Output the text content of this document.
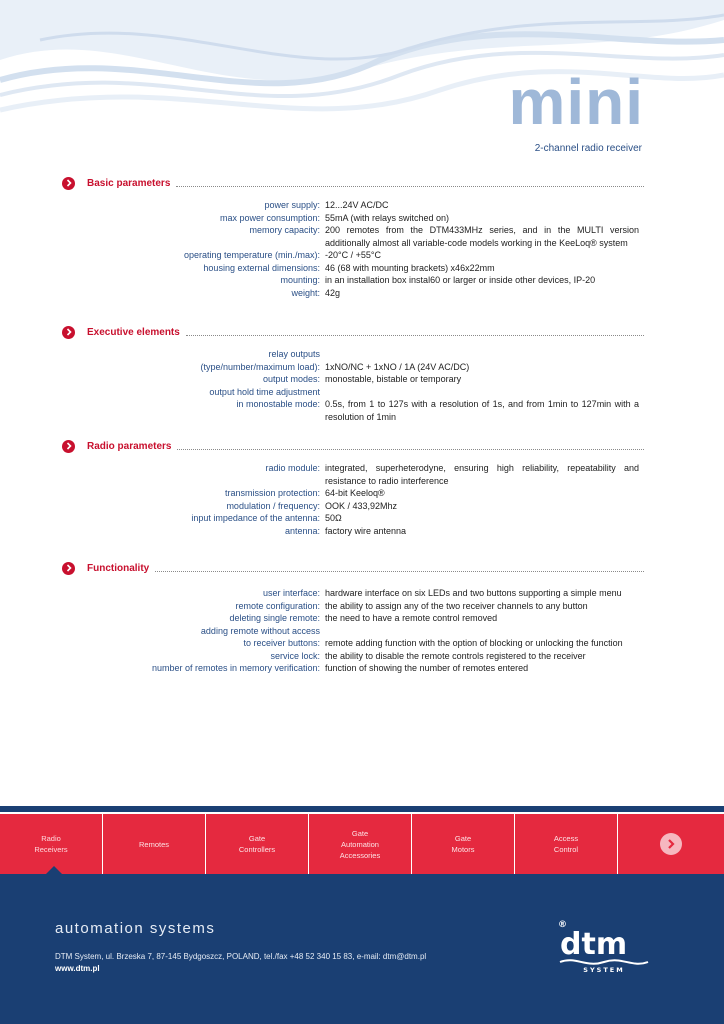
mini
2-channel radio receiver
Basic parameters
power supply: 12...24V AC/DC
max power consumption: 55mA (with relays switched on)
memory capacity: 200 remotes from the DTM433MHz series, and in the MULTI version additionally almost all variable-code models working in the KeeLoq® system
operating temperature (min./max): -20°C / +55°C
housing external dimensions: 46 (68 with mounting brackets) x46x22mm
mounting: in an installation box instal60 or larger or inside other devices, IP-20
weight: 42g
Executive elements
relay outputs
(type/number/maximum load): 1xNO/NC + 1xNO / 1A (24V AC/DC)
output modes: monostable, bistable or temporary
output hold time adjustment
in monostable mode: 0.5s, from 1 to 127s with a resolution of 1s, and from 1min to 127min with a resolution of 1min
Radio parameters
radio module: integrated, superheterodyne, ensuring high reliability, repeatability and resistance to radio interference
transmission protection: 64-bit Keeloq®
modulation / frequency: OOK / 433,92Mhz
input impedance of the antenna: 50Ω
antenna: factory wire antenna
Functionality
user interface: hardware interface on six LEDs and two buttons supporting a simple menu
remote configuration: the ability to assign any of the two receiver channels to any button
deleting single remote: the need to have a remote control removed
adding remote without access
to receiver buttons: remote adding function with the option of blocking or unlocking the function
service lock: the ability to disable the remote controls registered to the receiver
number of remotes in memory verification: function of showing the number of remotes entered
Radio
Receivers
Remotes
Gate
Controllers
Gate
Automation
Accessories
Gate
Motors
Access
Control
automation systems
DTM System, ul. Brzeska 7, 87-145 Bydgoszcz, POLAND, tel./fax +48 52 340 15 83, e-mail: dtm@dtm.pl
www.dtm.pl
®
dtm
SYSTEM
